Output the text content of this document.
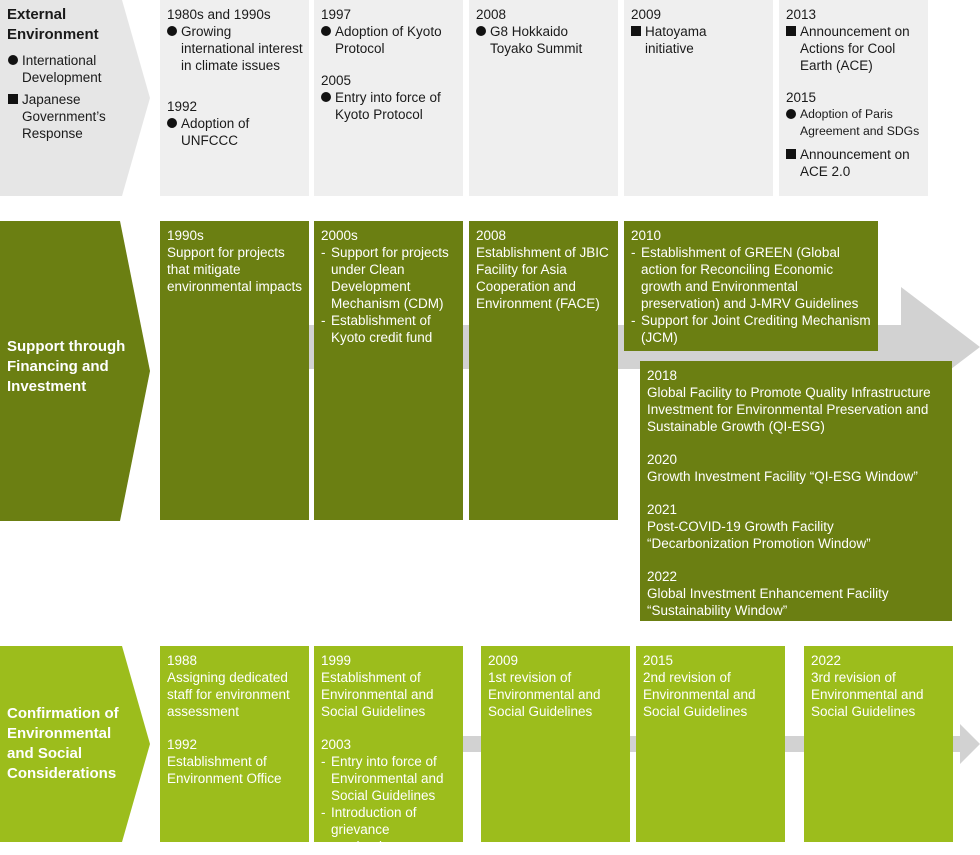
External
Environment
International Development
Japanese Government’s Response

1980s and 1990s

Growing international interest in climate issues

1992

Adoption of UNFCCC

1997

Adoption of Kyoto Protocol

2005

Entry into force of Kyoto Protocol

2008

G8 Hokkaido Toyako Summit

2009

Hatoyama initiative

2013

Announcement on Actions for Cool Earth (ACE)

2015

Adoption of Paris Agreement and SDGs
Announcement on ACE 2.0
Support through
Financing and
Investment

1990s

Support for projects that mitigate environmental impacts

2000s

- Support for projects under Clean Development Mechanism (CDM)
- Establishment of Kyoto credit fund

2008

Establishment of JBIC Facility for Asia Cooperation and Environment (FACE)

2010

- Establishment of GREEN (Global action for Reconciling Economic growth and Environmental preservation) and J-MRV Guidelines
- Support for Joint Crediting Mechanism (JCM)

2018

Global Facility to Promote Quality Infrastructure Investment for Environmental Preservation and Sustainable Growth (QI-ESG)

2020

Growth Investment Facility “QI-ESG Window”

2021

Post-COVID-19 Growth Facility “Decarbonization Promotion Window”

2022

Global Investment Enhancement Facility “Sustainability Window”

Confirmation of
Environmental
and Social
Considerations

1988

Assigning dedicated staff for environment assessment

1992

Establishment of Environment Office

1999

Establishment of Environmental and Social Guidelines

2003

- Entry into force of Environmental and Social Guidelines
- Introduction of grievance mechanism

2009

1st revision of Environmental and Social Guidelines

2015

2nd revision of Environmental and Social Guidelines

2022

3rd revision of Environmental and Social Guidelines
